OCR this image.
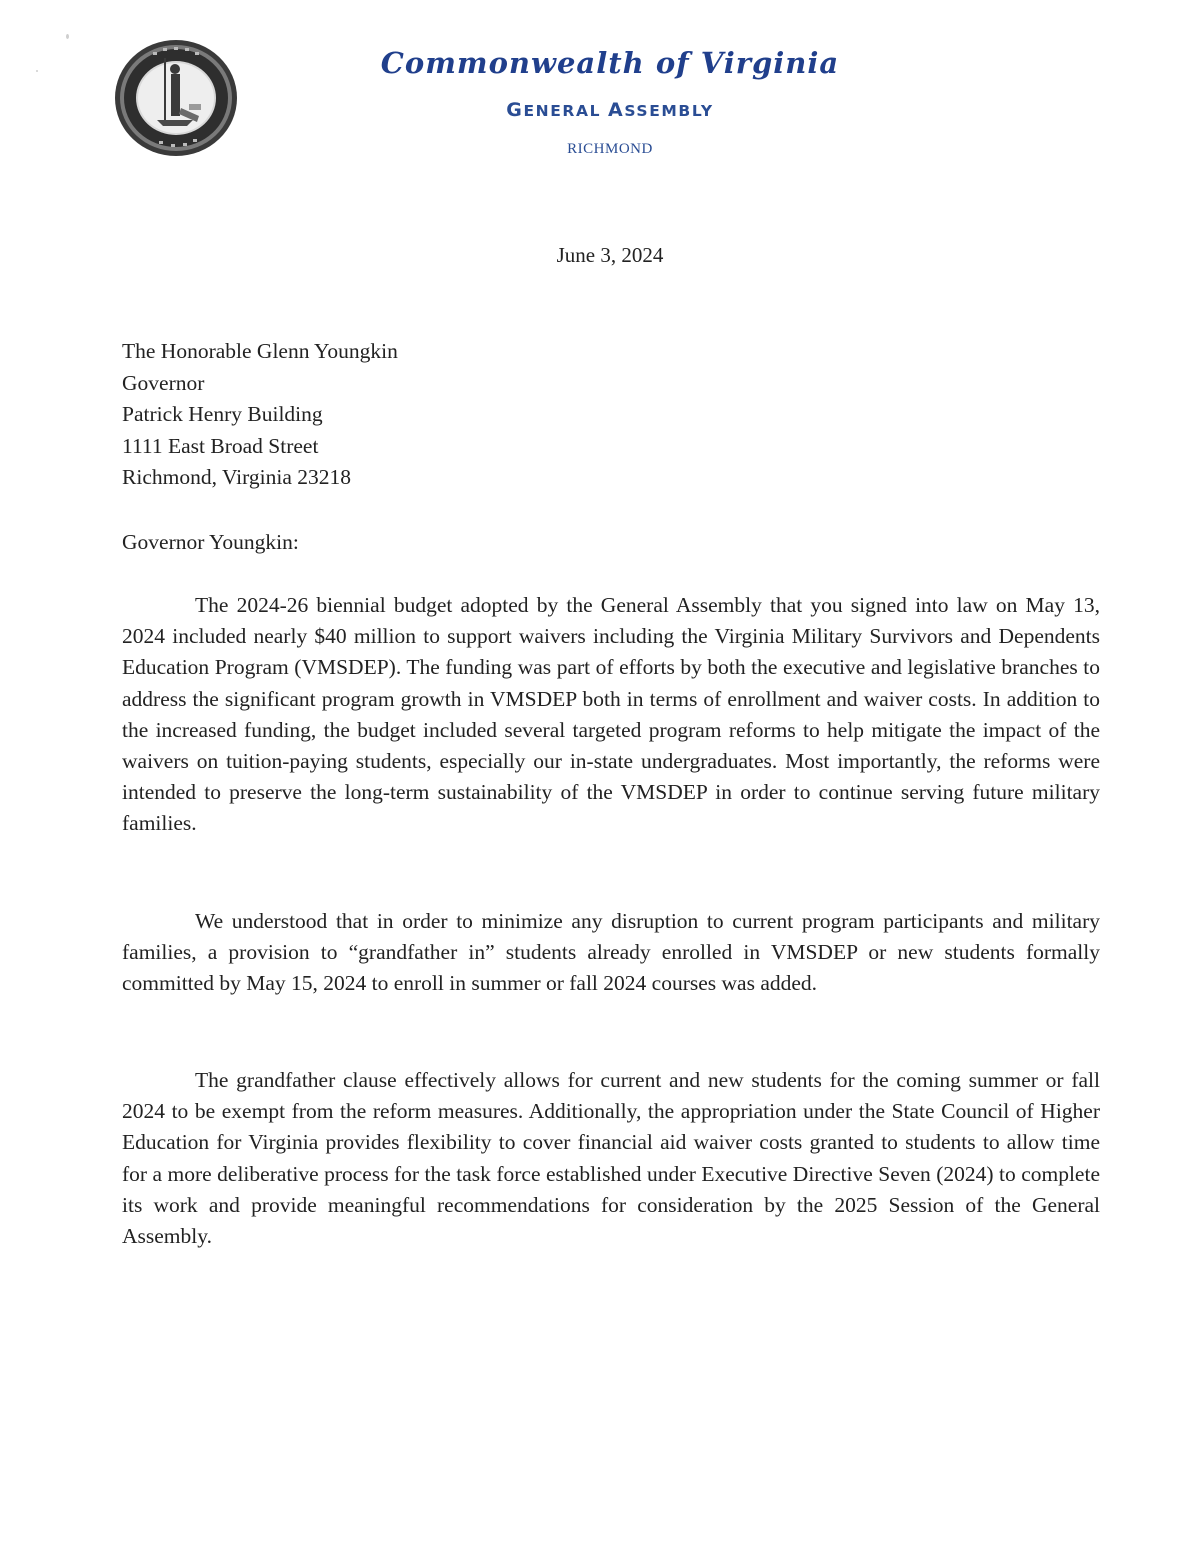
Commonwealth of Virginia
GENERAL ASSEMBLY
RICHMOND
June 3, 2024
The Honorable Glenn Youngkin
Governor
Patrick Henry Building
1111 East Broad Street
Richmond, Virginia 23218
Governor Youngkin:

The 2024-26 biennial budget adopted by the General Assembly that you signed into law on May 13, 2024 included nearly $40 million to support waivers including the Virginia Military Survivors and Dependents Education Program (VMSDEP). The funding was part of efforts by both the executive and legislative branches to address the significant program growth in VMSDEP both in terms of enrollment and waiver costs. In addition to the increased funding, the budget included several targeted program reforms to help mitigate the impact of the waivers on tuition-paying students, especially our in-state undergraduates. Most importantly, the reforms were intended to preserve the long-term sustainability of the VMSDEP in order to continue serving future military families.

We understood that in order to minimize any disruption to current program participants and military families, a provision to “grandfather in” students already enrolled in VMSDEP or new students formally committed by May 15, 2024 to enroll in summer or fall 2024 courses was added.

The grandfather clause effectively allows for current and new students for the coming summer or fall 2024 to be exempt from the reform measures. Additionally, the appropriation under the State Council of Higher Education for Virginia provides flexibility to cover financial aid waiver costs granted to students to allow time for a more deliberative process for the task force established under Executive Directive Seven (2024) to complete its work and provide meaningful recommendations for consideration by the 2025 Session of the General Assembly.
